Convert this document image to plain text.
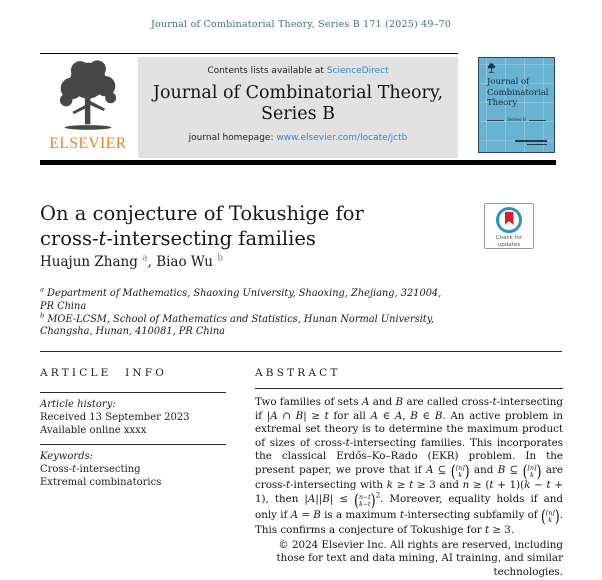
Journal of Combinatorial Theory, Series B 171 (2025) 49–70
ELSEVIER
Contents lists available at ScienceDirect
Journal of Combinatorial Theory,
Series B
journal homepage: www.elsevier.com/locate/jctb
Journal of
Combinatorial
Theory
Series B
On a conjecture of Tokushige for
cross-t-intersecting families	Check for
updates
Huajun Zhang $^a$, Biao Wu $^b$
$^a$ Department of Mathematics, Shaoxing University, Shaoxing, Zhejiang, 321004,
PR China
$^b$ MOE-LCSM, School of Mathematics and Statistics, Hunan Normal University,
Changsha, Hunan, 410081, PR China
ARTICLE INFO
Article history:
Received 13 September 2023
Available online xxxx
Keywords:
Cross-t-intersecting
Extremal combinatorics
ABSTRACT
Two families of sets A and B are called cross-t-intersecting if |A ∩ B| ≥ t for all A ∈ A, B ∈ B. An active problem in extremal set theory is to determine the maximum product of sizes of cross-t-intersecting families. This incorporates the classical Erdős–Ko–Rado (EKR) problem. In the present paper, we prove that if A ⊆ ( [n]
k ) and B ⊆ ( [n]
k ) are cross-t-intersecting with k ≥ t ≥ 3 and n ≥ (t + 1)(k − t + 1), then |A||B| ≤ ( n−t
k−t ) $^2$. Moreover, equality holds if and only if A = B is a maximum t-intersecting subfamily of ( [n]
k ) . This confirms a conjecture of Tokushige for t ≥ 3.
© 2024 Elsevier Inc. All rights are reserved, including those for text and data mining, AI training, and similar technologies.
